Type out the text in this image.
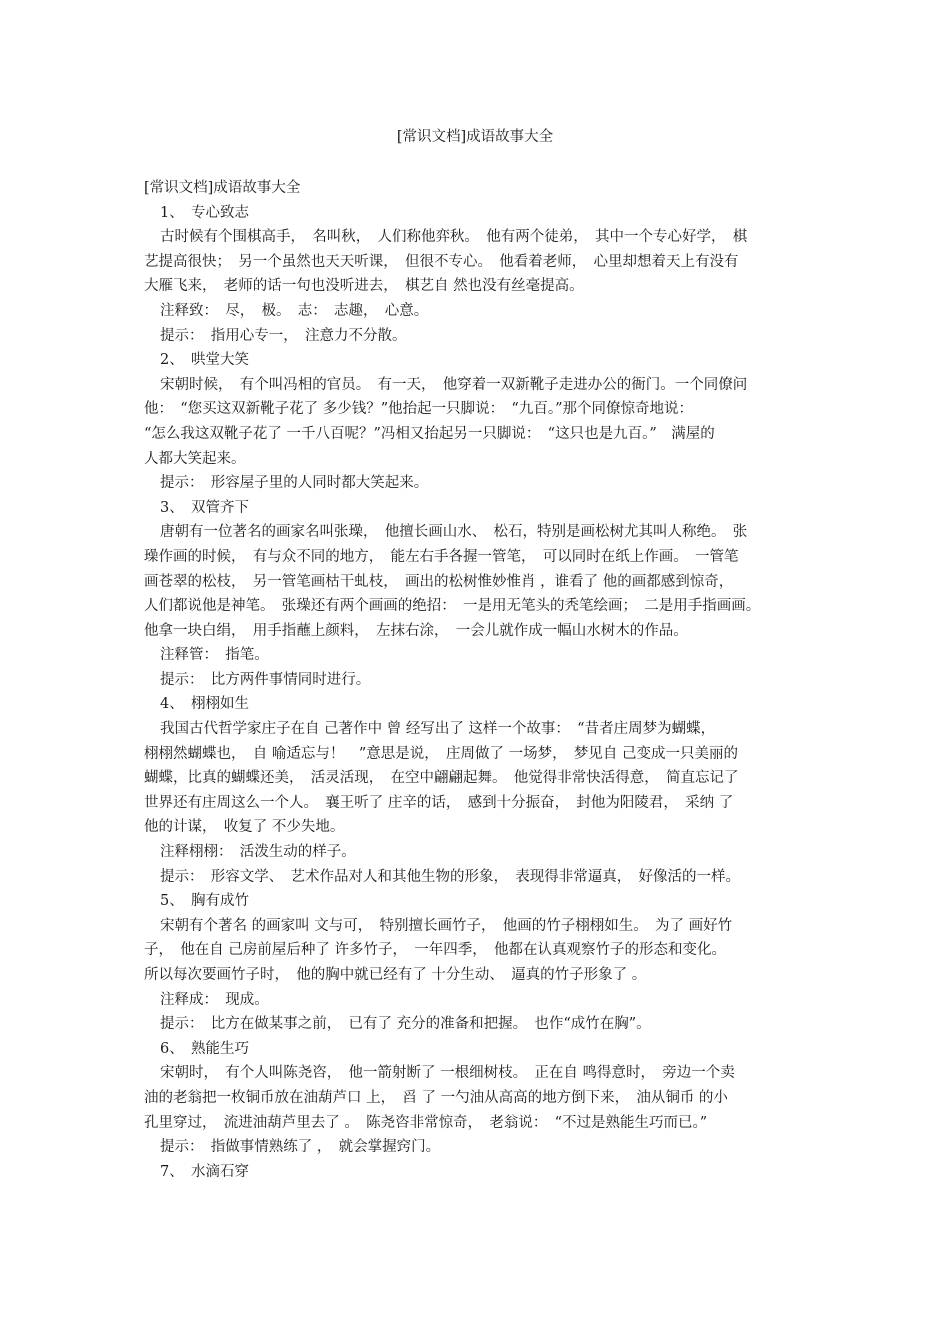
[常识文档]成语故事大全
[常识文档]成语故事大全
1、　专心致志
古时候有个围棋高手，　名叫秋，　人们称他弈秋。　他有两个徒弟，　其中一个专心好学，　棋
艺提高很快；　另一个虽然也天天听课，　但很不专心。　他看着老师，　心里却想着天上有没有
大雁飞来，　老师的话一句也没听进去，　棋艺自 然也没有丝毫提高。
注释致：　尽，　极。　志：　志趣，　心意。
提示：　指用心专一，　注意力不分散。
2、　哄堂大笑
宋朝时候，　有个叫冯相的官员。　有一天，　他穿着一双新靴子走进办公的衙门。一个同僚问
他：　“您买这双新靴子花了 多少钱？”他抬起一只脚说：　“九百。”那个同僚惊奇地说：
“怎么我这双靴子花了 一千八百呢？”冯相又抬起另一只脚说：　“这只也是九百。”　满屋的
人都大笑起来。
提示：　形容屋子里的人同时都大笑起来。
3、　双管齐下
唐朝有一位著名的画家名叫张璪，　他擅长画山水、　松石，特别是画松树尤其叫人称绝。　张
璪作画的时候，　有与众不同的地方，　能左右手各握一管笔，　可以同时在纸上作画。　一管笔
画苍翠的松枝，　另一管笔画枯干虬枝，　画出的松树惟妙惟肖 ，谁看了 他的画都感到惊奇，
人们都说他是神笔。　张璪还有两个画画的绝招：　一是用无笔头的秃笔绘画；　二是用手指画画。
他拿一块白绢，　用手指蘸上颜料，　左抹右涂，　一会儿就作成一幅山水树木的作品。
注释管：　指笔。
提示：　比方两件事情同时进行。
4、　栩栩如生
我国古代哲学家庄子在自 己著作中 曾 经写出了 这样一个故事：　“昔者庄周梦为蝴蝶，
栩栩然蝴蝶也，　自 喻适忘与！　”意思是说，　庄周做了 一场梦，　梦见自 己变成一只美丽的
蝴蝶，比真的蝴蝶还美，　活灵活现，　在空中翩翩起舞。　他觉得非常快活得意，　简直忘记了
世界还有庄周这么一个人。　襄王听了 庄辛的话，　感到十分振奋，　封他为阳陵君，　采纳 了
他的计谋，　收复了 不少失地。
注释栩栩：　活泼生动的样子。
提示：　形容文学、　艺术作品对人和其他生物的形象，　表现得非常逼真，　好像活的一样。
5、　胸有成竹
宋朝有个著名 的画家叫 文与可，　特别擅长画竹子，　他画的竹子栩栩如生。　为了 画好竹
子，　他在自 己房前屋后种了 许多竹子，　一年四季，　他都在认真观察竹子的形态和变化。
所以每次要画竹子时，　他的胸中就已经有了 十分生动、　逼真的竹子形象了 。
注释成：　现成。
提示：　比方在做某事之前，　已有了 充分的准备和把握。　也作“成竹在胸”。
6、　熟能生巧
宋朝时，　有个人叫陈尧咨，　他一箭射断了 一根细树枝。　正在自 鸣得意时，　旁边一个卖
油的老翁把一枚铜币放在油葫芦口 上，　舀 了 一勺油从高高的地方倒下来，　油从铜币 的小
孔里穿过，　流进油葫芦里去了 。　陈尧咨非常惊奇，　老翁说：　“不过是熟能生巧而已。”
提示：　指做事情熟练了 ，　就会掌握窍门。
7、　水滴石穿
